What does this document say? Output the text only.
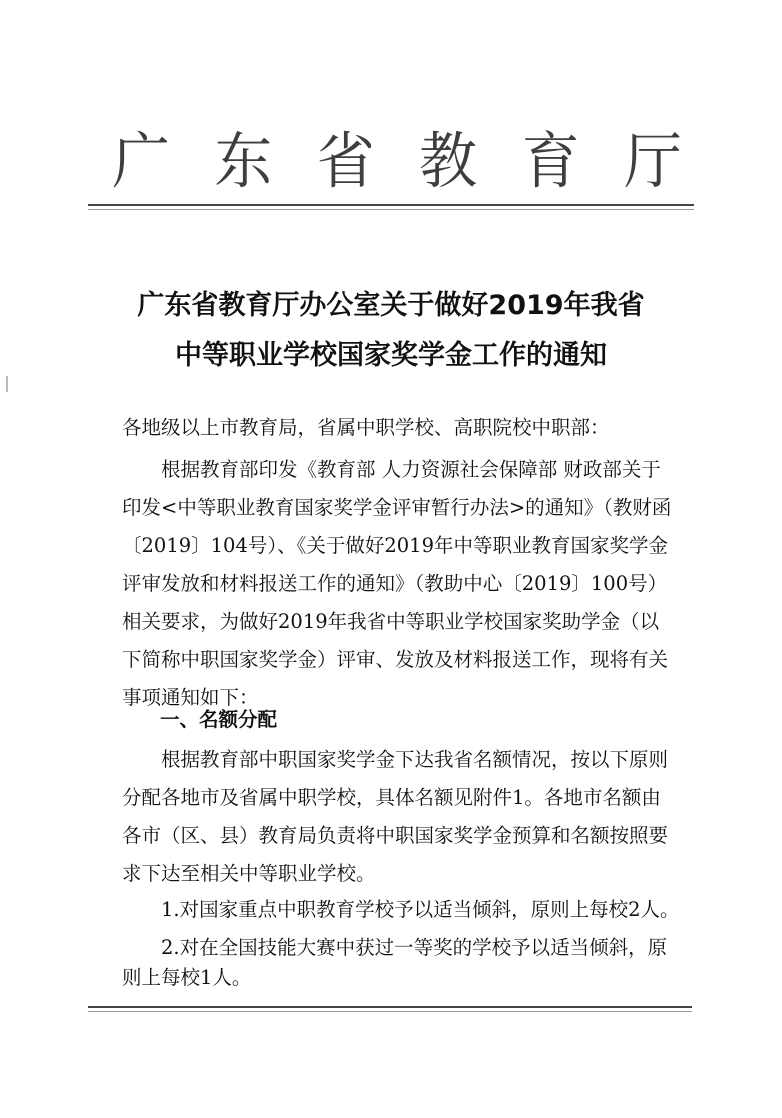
广 东 省 教 育 厅
广东省教育厅办公室关于做好2019年我省
中等职业学校国家奖学金工作的通知
各地级以上市教育局，省属中职学校、高职院校中职部：
　　根据教育部印发《教育部 人力资源社会保障部 财政部关于
印发<中等职业教育国家奖学金评审暂行办法>的通知》（教财函
〔2019〕104号）、《关于做好2019年中等职业教育国家奖学金
评审发放和材料报送工作的通知》（教助中心〔2019〕100号）
相关要求，为做好2019年我省中等职业学校国家奖助学金（以
下简称中职国家奖学金）评审、发放及材料报送工作，现将有关
事项通知如下：
一、名额分配
　　根据教育部中职国家奖学金下达我省名额情况，按以下原则
分配各地市及省属中职学校，具体名额见附件1。各地市名额由
各市（区、县）教育局负责将中职国家奖学金预算和名额按照要
求下达至相关中等职业学校。
　　1.对国家重点中职教育学校予以适当倾斜，原则上每校2人。
　　2.对在全国技能大赛中获过一等奖的学校予以适当倾斜，原
则上每校1人。
